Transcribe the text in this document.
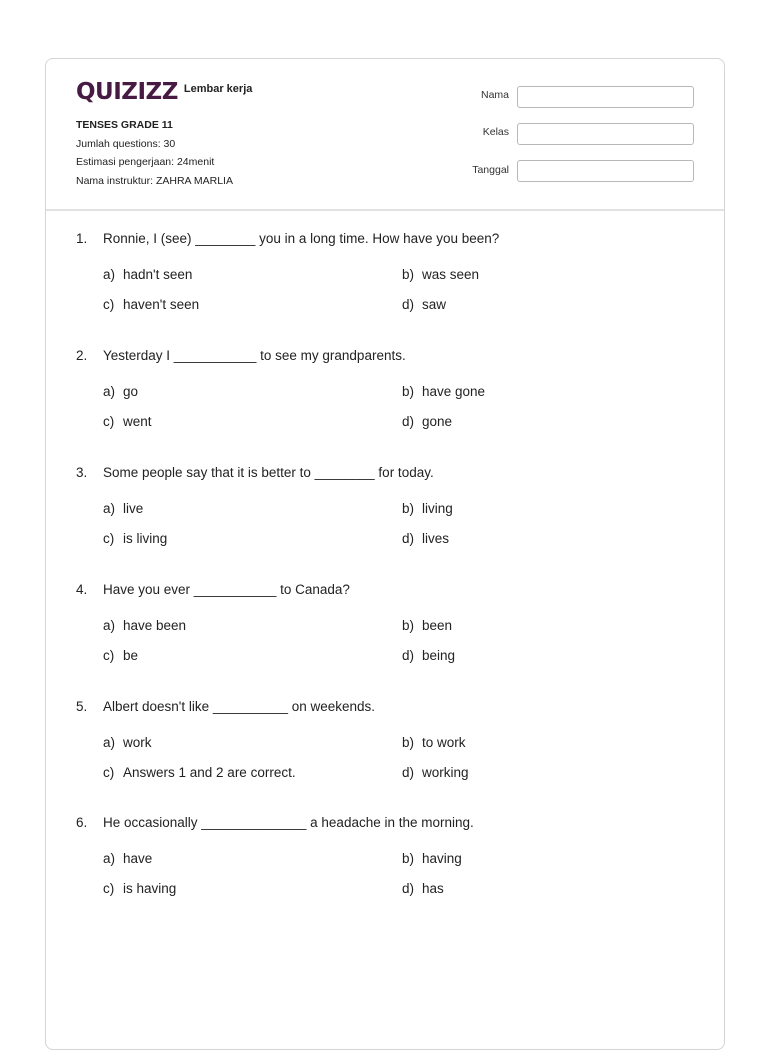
QUIZIZZ Lembar kerja
TENSES GRADE 11
Jumlah questions: 30
Estimasi pengerjaan: 24menit
Nama instruktur: ZAHRA MARLIA
Nama
Kelas
Tanggal
1. Ronnie, I (see) ________ you in a long time. How have you been?
a) hadn't seen	b) was seen
c) haven't seen	d) saw
2. Yesterday I ___________ to see my grandparents.
a) go	b) have gone
c) went	d) gone
3. Some people say that it is better to ________ for today.
a) live	b) living
c) is living	d) lives
4. Have you ever ___________ to Canada?
a) have been	b) been
c) be	d) being
5. Albert doesn't like __________ on weekends.
a) work	b) to work
c) Answers 1 and 2 are correct.	d) working
6. He occasionally ______________ a headache in the morning.
a) have	b) having
c) is having	d) has
